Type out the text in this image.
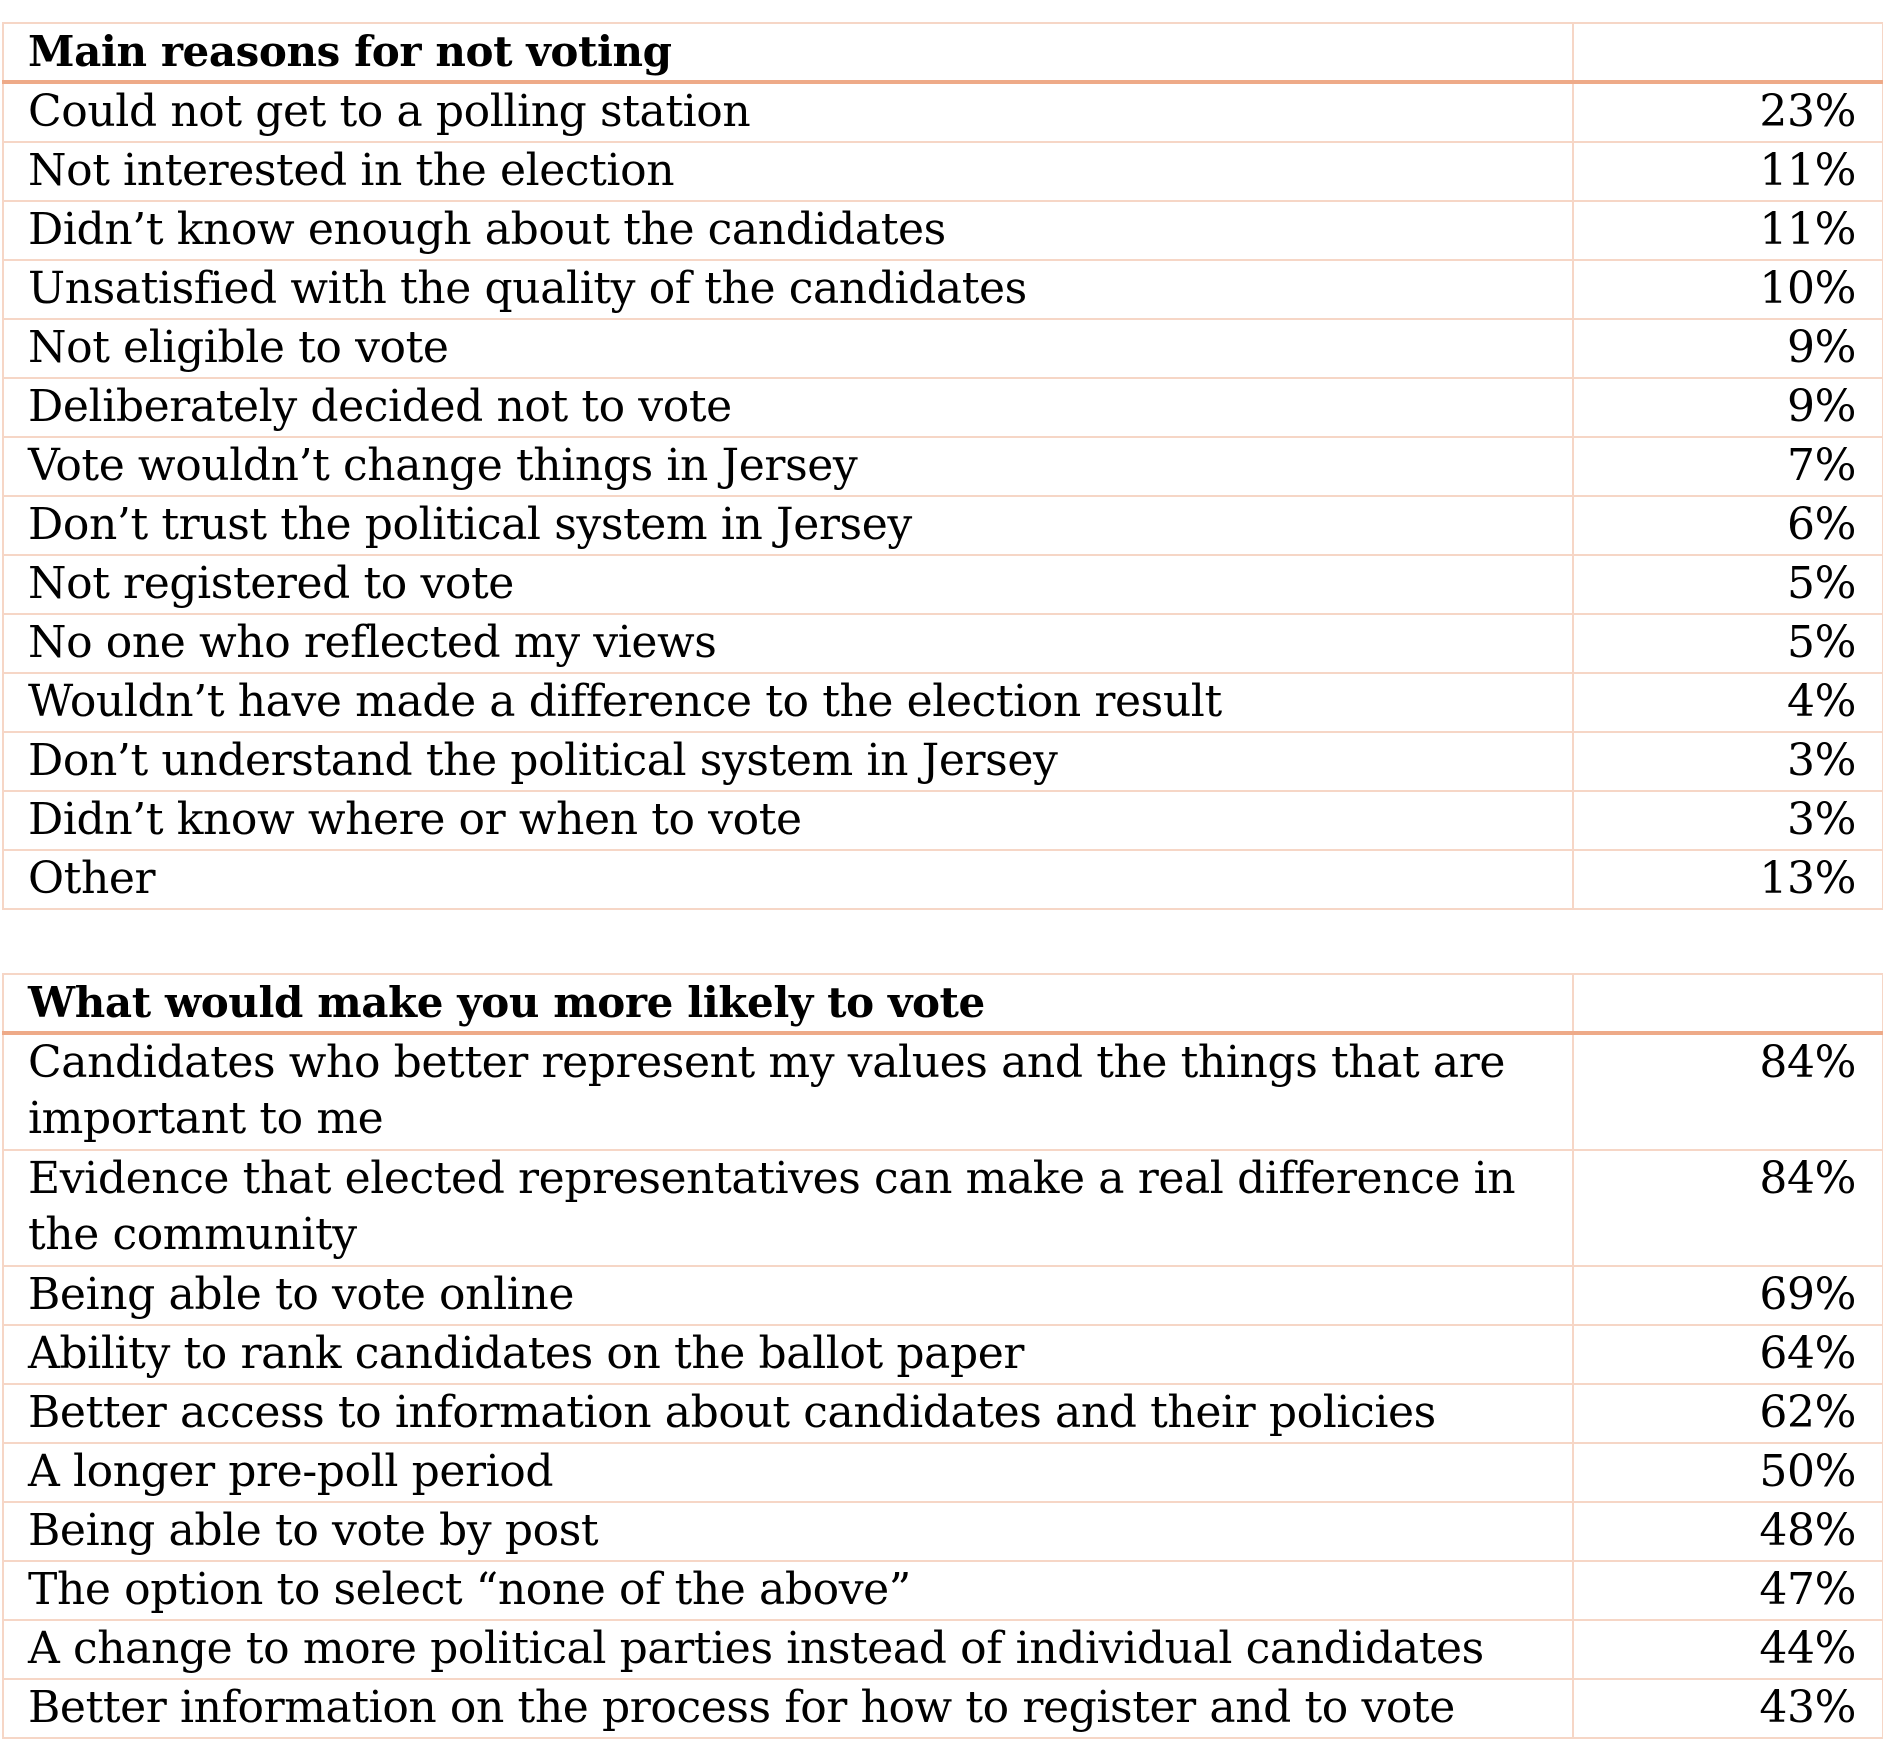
Main reasons for not voting	
Could not get to a polling station	23%
Not interested in the election	11%
Didn’t know enough about the candidates	11%
Unsatisfied with the quality of the candidates	10%
Not eligible to vote	9%
Deliberately decided not to vote	9%
Vote wouldn’t change things in Jersey	7%
Don’t trust the political system in Jersey	6%
Not registered to vote	5%
No one who reflected my views	5%
Wouldn’t have made a difference to the election result	4%
Don’t understand the political system in Jersey	3%
Didn’t know where or when to vote	3%
Other	13%
What would make you more likely to vote	
Candidates who better represent my values and the things that are important to me	84%
Evidence that elected representatives can make a real difference in the community	84%
Being able to vote online	69%
Ability to rank candidates on the ballot paper	64%
Better access to information about candidates and their policies	62%
A longer pre-poll period	50%
Being able to vote by post	48%
The option to select “none of the above”	47%
A change to more political parties instead of individual candidates	44%
Better information on the process for how to register and to vote	43%
